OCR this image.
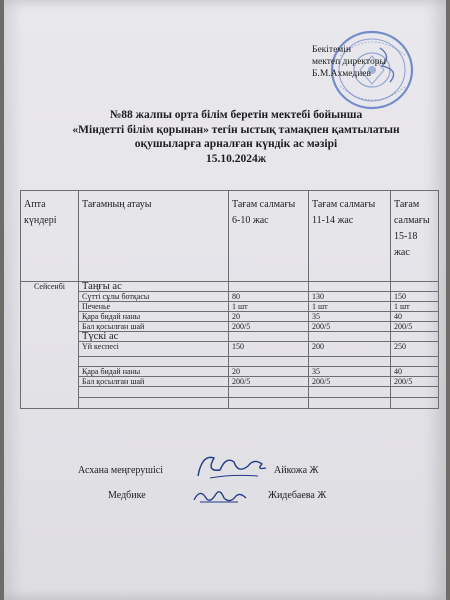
Бекітемін
мектеп директоры
Б.М.Ахмедиев
№88 жалпы орта білім беретін мектебі бойынша
«Міндетті білім қорынан» тегін ыстық тамақпен қамтылатын
оқушыларға арналған күндік ас мәзірі
15.10.2024ж
Апта күндері	Тағамның атауы	Тағам салмағы 6-10 жас	Тағам салмағы 11-14 жас	Тағам салмағы 15-18 жас
Сейсенбі	Таңғы ас			
	Сүтті сұлы ботқасы	80	130	150
	Печенье	1 шт	1 шт	1 шт
	Қара бидай наны	20	35	40
	Бал қосылған шай	200/5	200/5	200/5
	Түскі ас			
	Үй кеспесі	150	200	250

	Қара бидай наны	20	35	40
	Бал қосылған шай	200/5	200/5	200/5

Асхана меңгерушісі	Айкожа Ж
Медбике	Жидебаева Ж
